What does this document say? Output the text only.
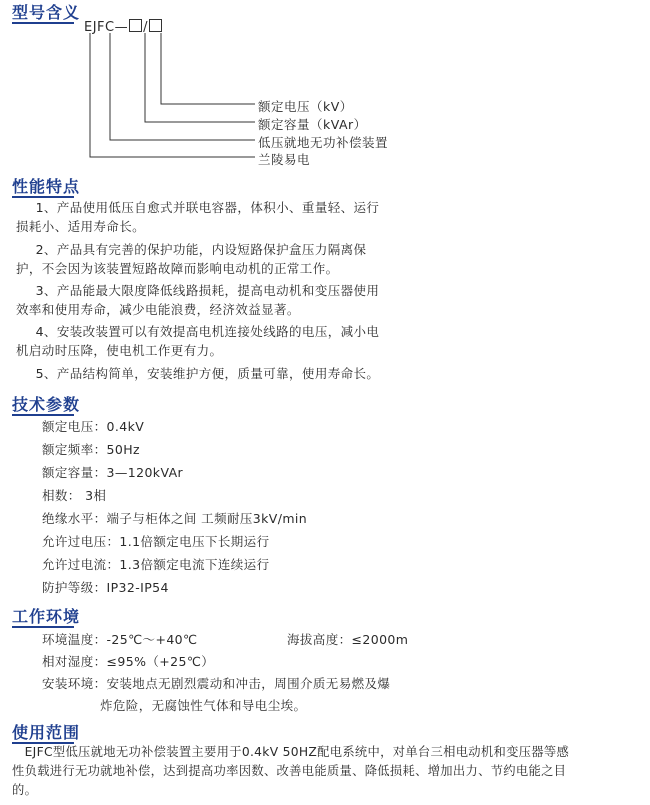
型号含义
EJFC— /
额定电压（kV）
额定容量（kVAr）
低压就地无功补偿装置
兰陵易电
性能特点

  1、产品使用低压自愈式并联电容器，体积小、重量轻、运行
损耗小、适用寿命长。

  2、产品具有完善的保护功能，内设短路保护盒压力隔离保
护，不会因为该装置短路故障而影响电动机的正常工作。

  3、产品能最大限度降低线路损耗，提高电动机和变压器使用
效率和使用寿命，减少电能浪费，经济效益显著。

  4、安装改装置可以有效提高电机连接处线路的电压，减小电
机启动时压降，使电机工作更有力。

  5、产品结构简单，安装维护方便，质量可靠，使用寿命长。

技术参数
额定电压：0.4kV
额定频率：50Hz
额定容量：3—120kVAr
相数： 3相
绝缘水平：端子与柜体之间 工频耐压3kV/min
允许过电压：1.1倍额定电压下长期运行
允许过电流：1.3倍额定电流下连续运行
防护等级：IP32-IP54
工作环境
环境温度：-25℃～+40℃	海拔高度：≤2000m
相对湿度：≤95%（+25℃）
安装环境：安装地点无剧烈震动和冲击，周围介质无易燃及爆
炸危险，无腐蚀性气体和导电尘埃。
使用范围

 EJFC型低压就地无功补偿装置主要用于0.4kV 50HZ配电系统中，对单台三相电动机和变压器等感
性负载进行无功就地补偿，达到提高功率因数、改善电能质量、降低损耗、增加出力、节约电能之目
的。
